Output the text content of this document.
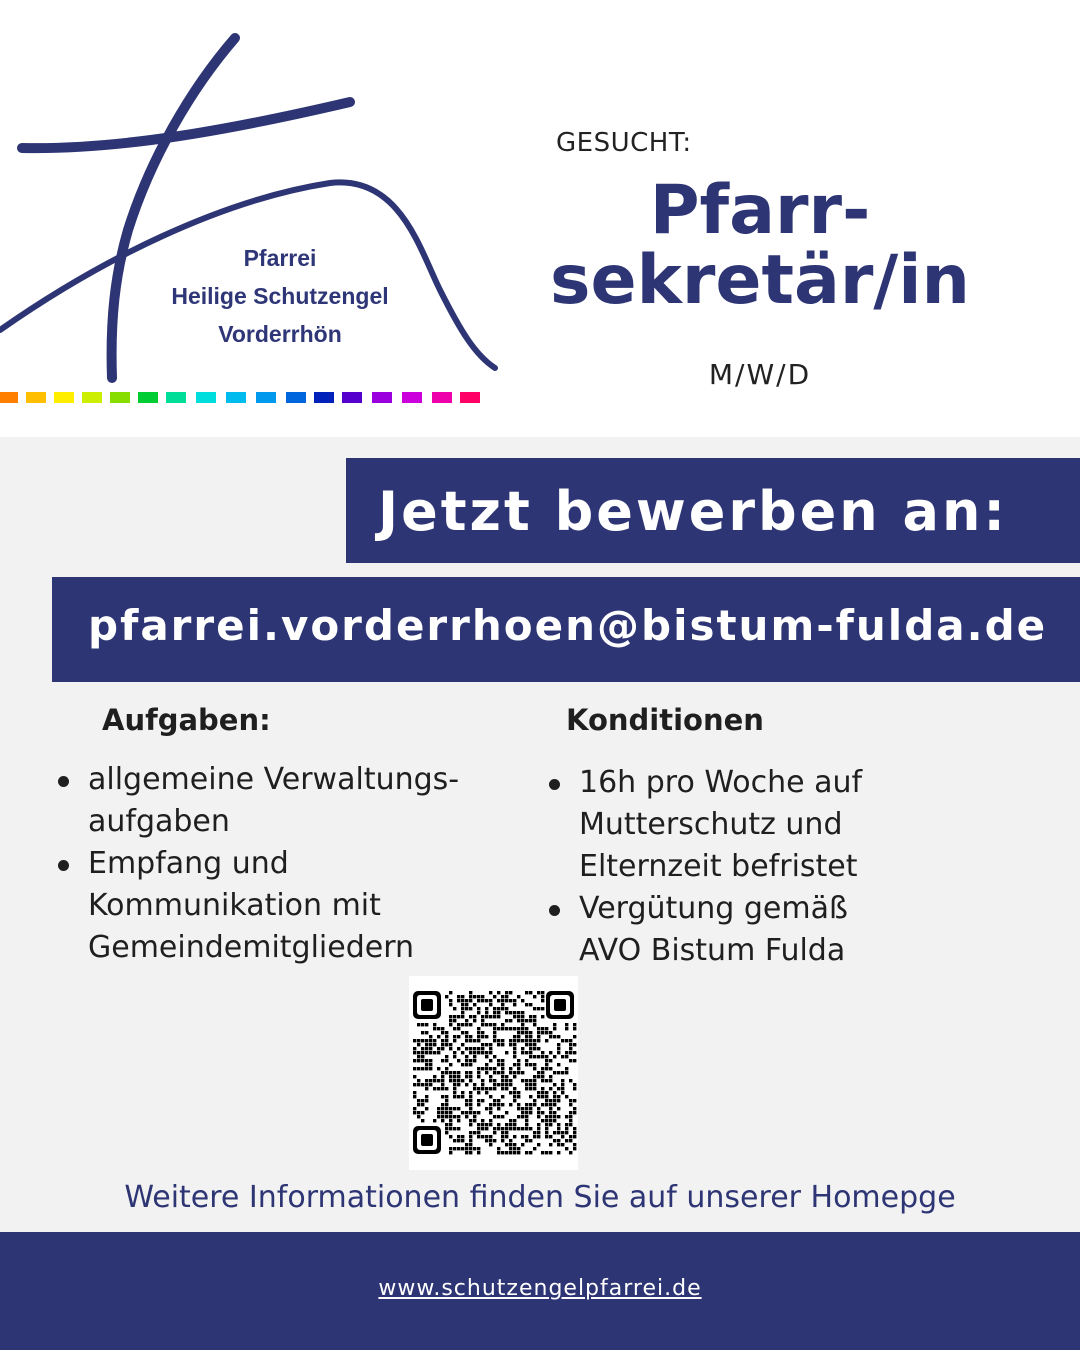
Pfarrei
Heilige Schutzengel
Vorderrhön
GESUCHT:
Pfarr-
sekretär/in
M/W/D
Jetzt bewerben an:
pfarrei.vorderrhoen@bistum-fulda.de
Aufgaben:
allgemeine Verwaltungs-aufgaben
Empfang und Kommunikation mit Gemeindemitgliedern
Konditionen
16h pro Woche auf Mutterschutz und Elternzeit befristet
Vergütung gemäß AVO Bistum Fulda
Weitere Informationen finden Sie auf unserer Homepge
www.schutzengelpfarrei.de
